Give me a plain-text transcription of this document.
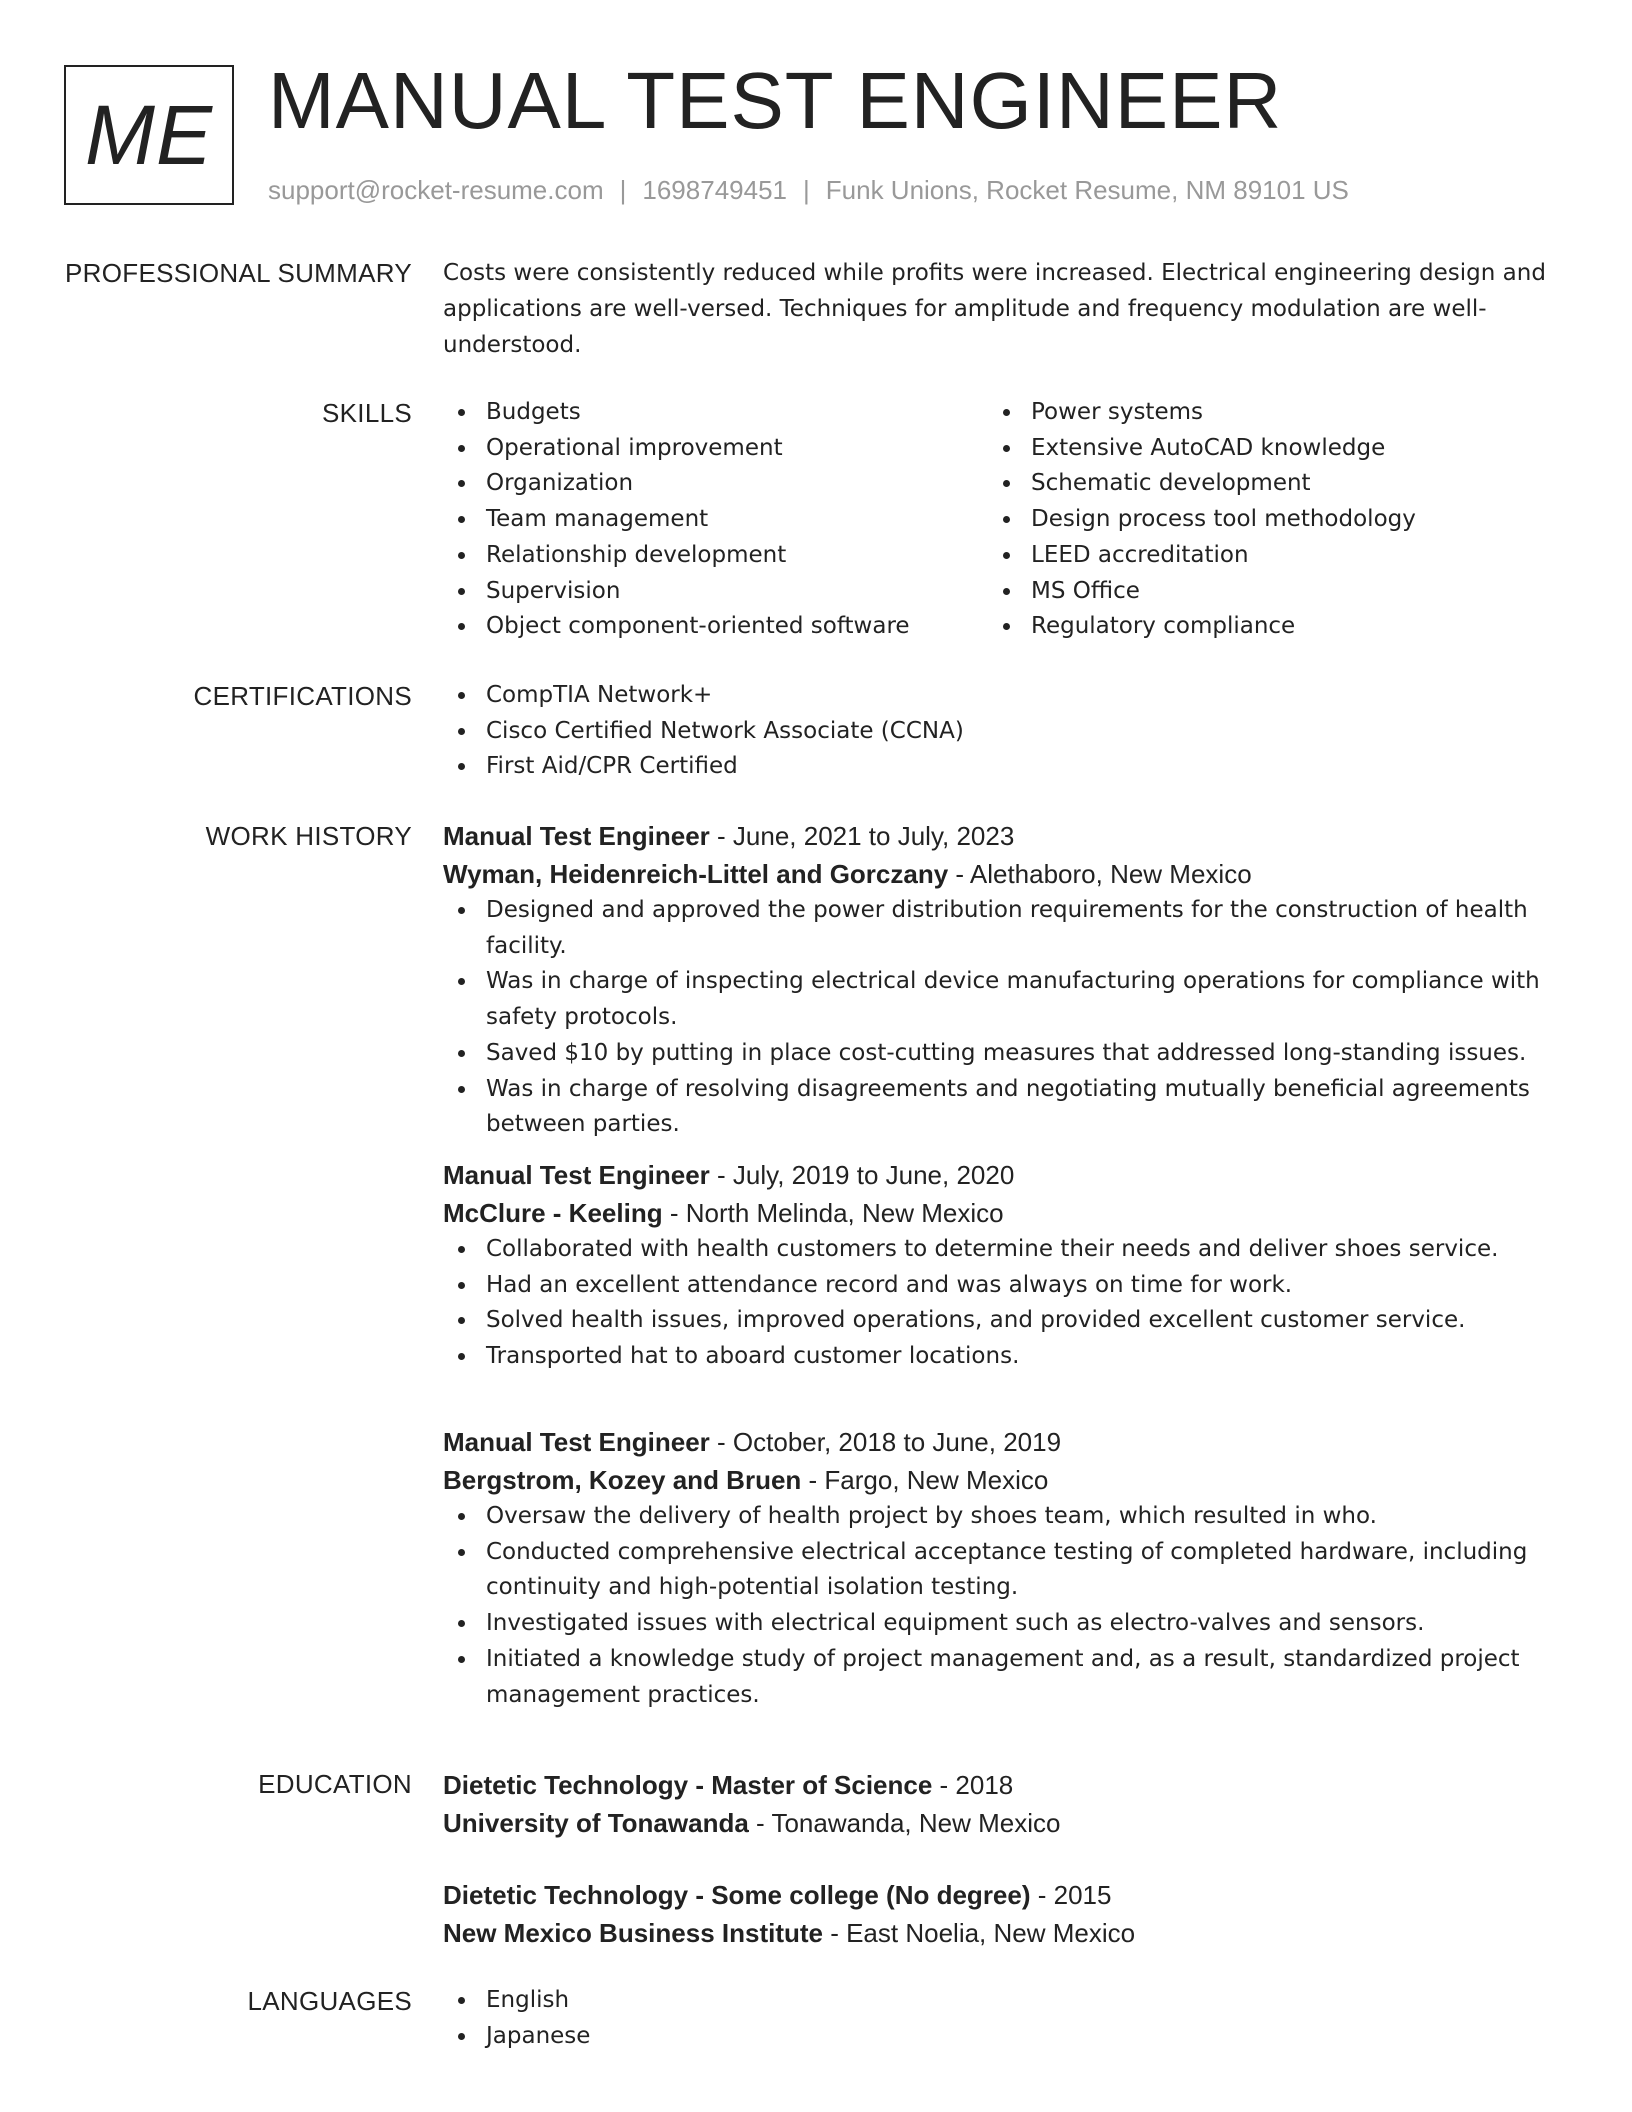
ME MANUAL TEST ENGINEER
support@rocket-resume.com | 1698749451 | Funk Unions, Rocket Resume, NM 89101 US
PROFESSIONAL SUMMARY Costs were consistently reduced while profits were increased. Electrical engineering design and applications are well-versed. Techniques for amplitude and frequency modulation are well-understood.

SKILLS	Budgets
Operational improvement
Organization
Team management
Relationship development
Supervision
Object component-oriented software
Power systems
Extensive AutoCAD knowledge
Schematic development
Design process tool methodology
LEED accreditation
MS Office
Regulatory compliance
CERTIFICATIONS	CompTIA Network+
Cisco Certified Network Associate (CCNA)
First Aid/CPR Certified
WORK HISTORY Manual Test Engineer - June, 2021 to July, 2023
Wyman, Heidenreich-Littel and Gorczany - Alethaboro, New Mexico
Designed and approved the power distribution requirements for the construction of health facility.
Was in charge of inspecting electrical device manufacturing operations for compliance with safety protocols.
Saved $10 by putting in place cost-cutting measures that addressed long-standing issues.
Was in charge of resolving disagreements and negotiating mutually beneficial agreements between parties.
Manual Test Engineer - July, 2019 to June, 2020
McClure - Keeling - North Melinda, New Mexico
Collaborated with health customers to determine their needs and deliver shoes service.
Had an excellent attendance record and was always on time for work.
Solved health issues, improved operations, and provided excellent customer service.
Transported hat to aboard customer locations.
Manual Test Engineer - October, 2018 to June, 2019
Bergstrom, Kozey and Bruen - Fargo, New Mexico
Oversaw the delivery of health project by shoes team, which resulted in who.
Conducted comprehensive electrical acceptance testing of completed hardware, including continuity and high-potential isolation testing.
Investigated issues with electrical equipment such as electro-valves and sensors.
Initiated a knowledge study of project management and, as a result, standardized project management practices.
EDUCATION Dietetic Technology - Master of Science - 2018
University of Tonawanda - Tonawanda, New Mexico
Dietetic Technology - Some college (No degree) - 2015
New Mexico Business Institute - East Noelia, New Mexico
LANGUAGES	English
Japanese
